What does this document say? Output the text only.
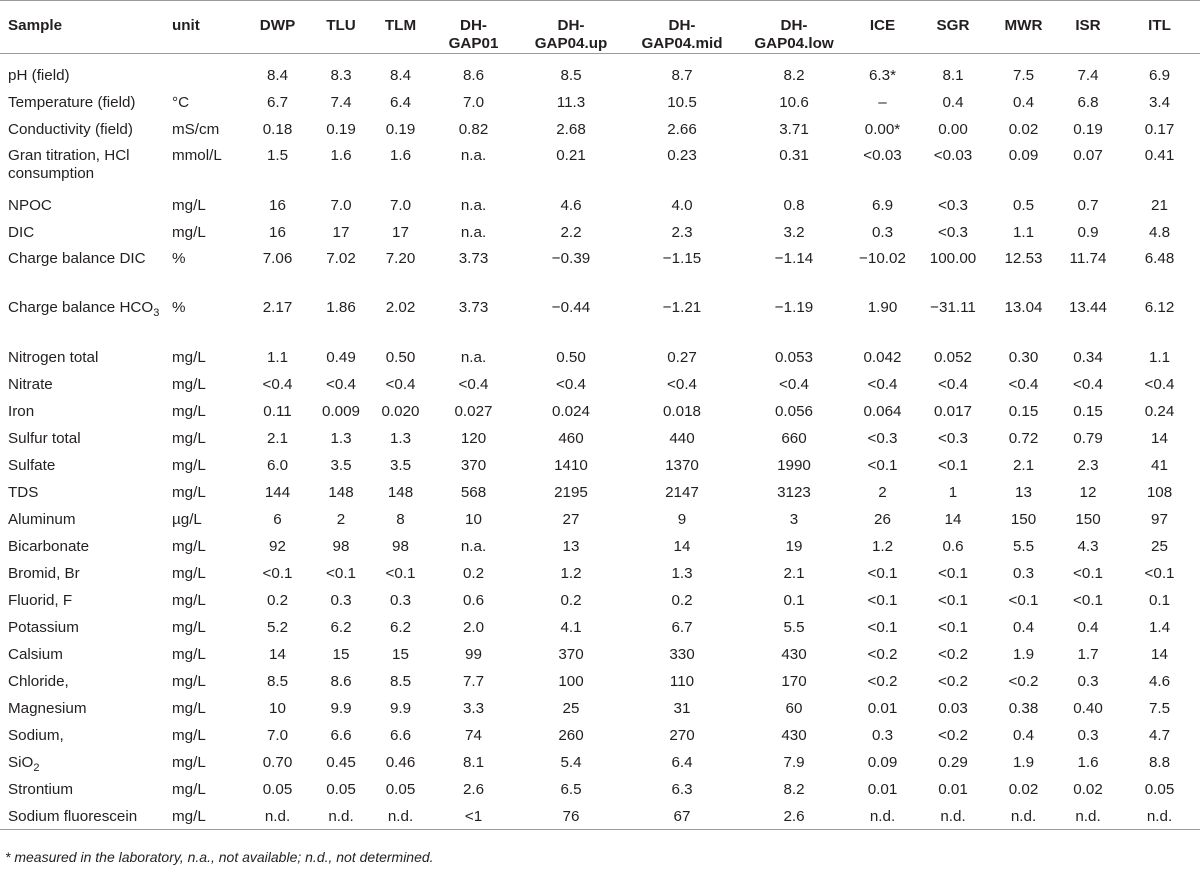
Sample	unit	DWP	TLU	TLM	DH-GAP01	DH-GAP04.up	DH-GAP04.mid	DH-GAP04.low	ICE	SGR	MWR	ISR	ITL
pH (field)		8.4	8.3	8.4	8.6	8.5	8.7	8.2	6.3*	8.1	7.5	7.4	6.9
Temperature (field)	°C	6.7	7.4	6.4	7.0	11.3	10.5	10.6	–	0.4	0.4	6.8	3.4
Conductivity (field)	mS/cm	0.18	0.19	0.19	0.82	2.68	2.66	3.71	0.00*	0.00	0.02	0.19	0.17
Gran titration, HCl consumption	mmol/L	1.5	1.6	1.6	n.a.	0.21	0.23	0.31	<0.03	<0.03	0.09	0.07	0.41
NPOC	mg/L	16	7.0	7.0	n.a.	4.6	4.0	0.8	6.9	<0.3	0.5	0.7	21
DIC	mg/L	16	17	17	n.a.	2.2	2.3	3.2	0.3	<0.3	1.1	0.9	4.8
Charge balance DIC	%	7.06	7.02	7.20	3.73	−0.39	−1.15	−1.14	−10.02	100.00	12.53	11.74	6.48
Charge balance $HCO_3$	%	2.17	1.86	2.02	3.73	−0.44	−1.21	−1.19	1.90	−31.11	13.04	13.44	6.12
Nitrogen total	mg/L	1.1	0.49	0.50	n.a.	0.50	0.27	0.053	0.042	0.052	0.30	0.34	1.1
Nitrate	mg/L	<0.4	<0.4	<0.4	<0.4	<0.4	<0.4	<0.4	<0.4	<0.4	<0.4	<0.4	<0.4
Iron	mg/L	0.11	0.009	0.020	0.027	0.024	0.018	0.056	0.064	0.017	0.15	0.15	0.24
Sulfur total	mg/L	2.1	1.3	1.3	120	460	440	660	<0.3	<0.3	0.72	0.79	14
Sulfate	mg/L	6.0	3.5	3.5	370	1410	1370	1990	<0.1	<0.1	2.1	2.3	41
TDS	mg/L	144	148	148	568	2195	2147	3123	2	1	13	12	108
Aluminum	µg/L	6	2	8	10	27	9	3	26	14	150	150	97
Bicarbonate	mg/L	92	98	98	n.a.	13	14	19	1.2	0.6	5.5	4.3	25
Bromid, Br	mg/L	<0.1	<0.1	<0.1	0.2	1.2	1.3	2.1	<0.1	<0.1	0.3	<0.1	<0.1
Fluorid, F	mg/L	0.2	0.3	0.3	0.6	0.2	0.2	0.1	<0.1	<0.1	<0.1	<0.1	0.1
Potassium	mg/L	5.2	6.2	6.2	2.0	4.1	6.7	5.5	<0.1	<0.1	0.4	0.4	1.4
Calsium	mg/L	14	15	15	99	370	330	430	<0.2	<0.2	1.9	1.7	14
Chloride,	mg/L	8.5	8.6	8.5	7.7	100	110	170	<0.2	<0.2	<0.2	0.3	4.6
Magnesium	mg/L	10	9.9	9.9	3.3	25	31	60	0.01	0.03	0.38	0.40	7.5
Sodium,	mg/L	7.0	6.6	6.6	74	260	270	430	0.3	<0.2	0.4	0.3	4.7
SiO$_2$	mg/L	0.70	0.45	0.46	8.1	5.4	6.4	7.9	0.09	0.29	1.9	1.6	8.8
Strontium	mg/L	0.05	0.05	0.05	2.6	6.5	6.3	8.2	0.01	0.01	0.02	0.02	0.05
Sodium fluorescein	mg/L	n.d.	n.d.	n.d.	<1	76	67	2.6	n.d.	n.d.	n.d.	n.d.	n.d.
* measured in the laboratory, n.a., not available; n.d., not determined.
